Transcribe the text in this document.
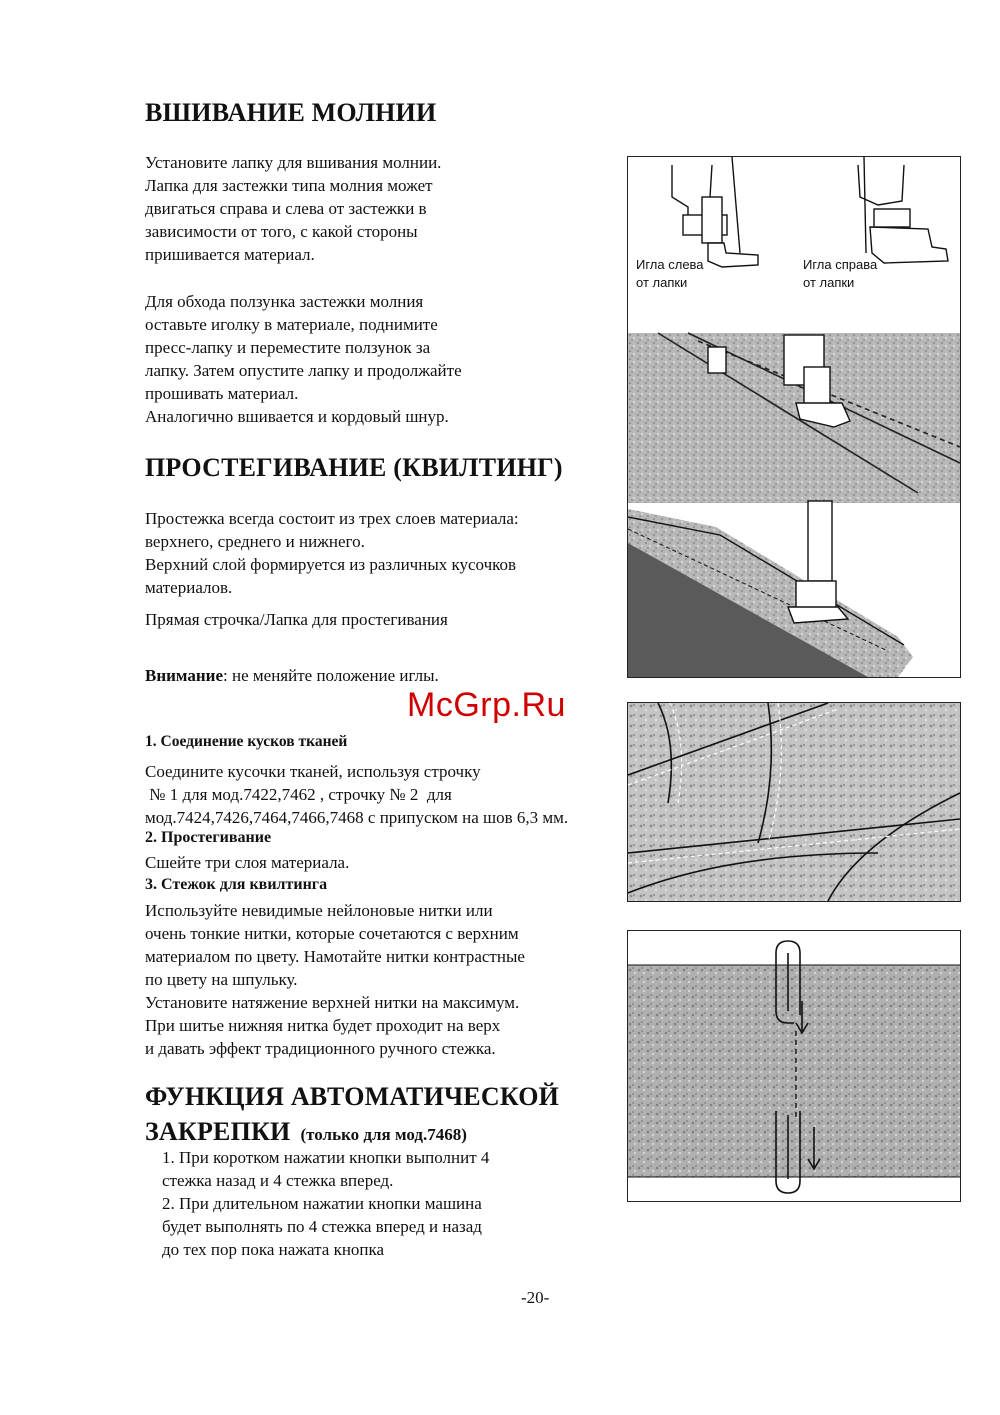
ВШИВАНИЕ МОЛНИИ
Установите лапку для вшивания молнии.
Лапка для застежки типа молния может
двигаться справа и слева от застежки в
зависимости от того, с какой стороны
пришивается материал.
Для обхода ползунка застежки молния
оставьте иголку в материале, поднимите
пресс-лапку и переместите ползунок за
лапку. Затем опустите лапку и продолжайте
прошивать материал.
Аналогично вшивается и кордовый шнур.
ПРОСТЕГИВАНИЕ (КВИЛТИНГ)
Простежка всегда состоит из трех слоев материала:
верхнего, среднего и нижнего.
Верхний слой формируется из различных кусочков
материалов.
Прямая строчка/Лапка для простегивания
Внимание: не меняйте положение иглы.
1. Соединение кусков тканей
Соедините кусочки тканей, используя строчку
№ 1 для мод.7422,7462 , строчку № 2  для
мод.7424,7426,7464,7466,7468 с припуском на шов 6,3 мм.
2. Простегивание
Сшейте три слоя материала.
3. Стежок для квилтинга
Используйте невидимые нейлоновые нитки или
очень тонкие нитки, которые сочетаются с верхним
материалом по цвету. Намотайте нитки контрастные
по цвету на шпульку.
Установите натяжение верхней нитки на максимум.
При шитье нижняя нитка будет проходит на верх
и давать эффект традиционного ручного стежка.
ФУНКЦИЯ АВТОМАТИЧЕСКОЙ
ЗАКРЕПКИ (только для мод.7468)
1. При коротком нажатии кнопки выполнит 4
стежка назад и 4 стежка вперед.
2. При длительном нажатии кнопки машина
будет выполнять по 4 стежка вперед и назад
до тех пор пока нажата кнопка
-20-
McGrp.Ru
Игла слева
от лапки
Игла справа
от лапки
